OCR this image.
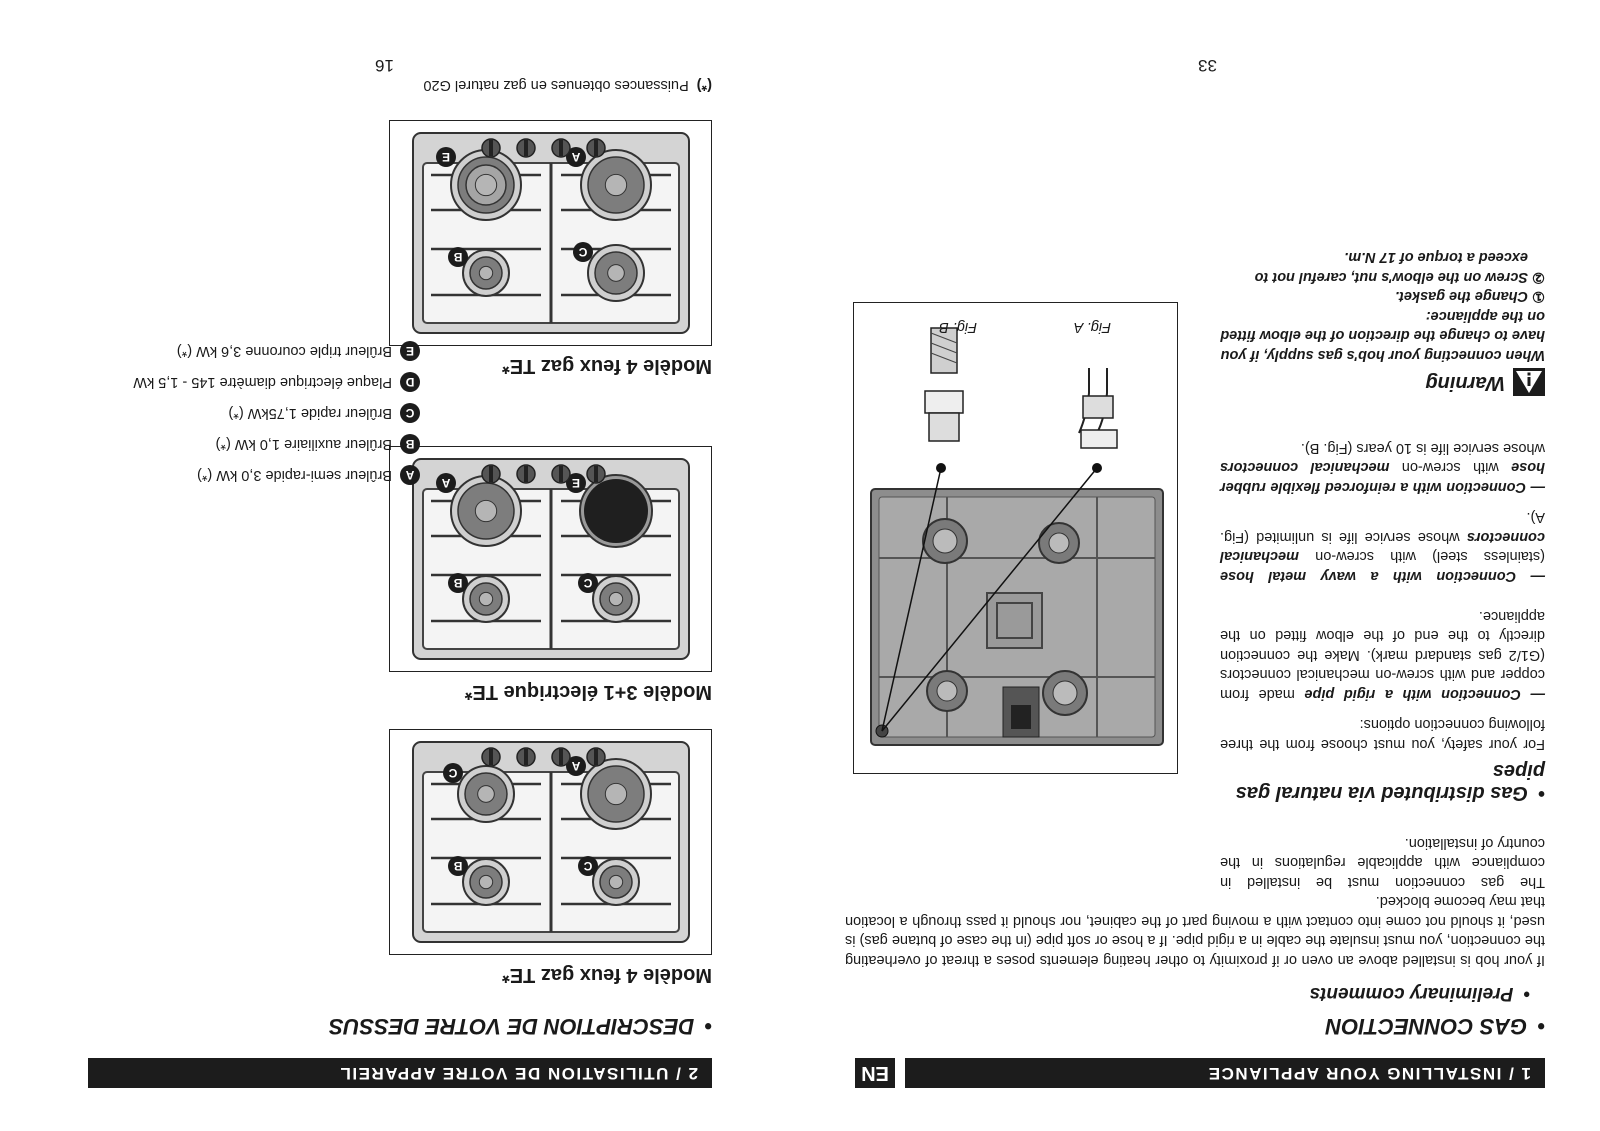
1 / INSTALLING YOUR APPLIANCE
EN
•GAS CONNECTION
•Preliminary comments
If your hob is installed above an oven or if proximity to other heating elements poses a threat of overheating the connection, you must insulate the cable in a rigid pipe. If a hose or soft pipe (in the case of butane gas) is used, it should not come into contact with a moving part of the cabinet, nor should it pass through a location that may become blocked.
The gas connection must be installed in compliance with applicable regulations in the country of installation.
•Gas distributed via natural gas pipes
For your safety, you must choose from the three following connection options:
— Connection with a rigid pipe made from copper and with screw-on mechanical connectors (G1/2 gas standard mark). Make the connection directly to the end of the elbow fitted on the appliance.
— Connection with a wavy metal hose (stainless steel) with screw-on mechanical connectors whose service life is unlimited (Fig. A).
— Connection with a reinforced flexible rubber hose with screw-on mechanical connectors whose service life is 10 years (Fig. B).
Warning
When connecting your hob's gas supply, if you have to change the direction of the elbow fitted on the appliance:
①
Change the gasket.
②
Screw on the elbow's nut, careful not to exceed a torque of 17 N.m.
Fig. A
Fig. B
33
2 / UTILISATION DE VOTRE APPAREIL
•DESCRIPTION DE VOTRE DESSUS
Modèle 4 feux gaz TE*
C
B
A
C
Modèle 3+1 électrique TE*
C
B
E
A
Modèle 4 feux gaz TE*
C
B
A
E
A
Brûleur semi-rapide 3,0 kW (*)
B
Brûleur auxiliaire 1,0 kW (*)
C
Brûleur rapide 1,75kW (*)
D
Plaque électrique diamètre 145 - 1,5 kW
E
Brûleur triple couronne 3,6 kW (*)
(*)Puissances obtenues en gaz naturel G20
16
